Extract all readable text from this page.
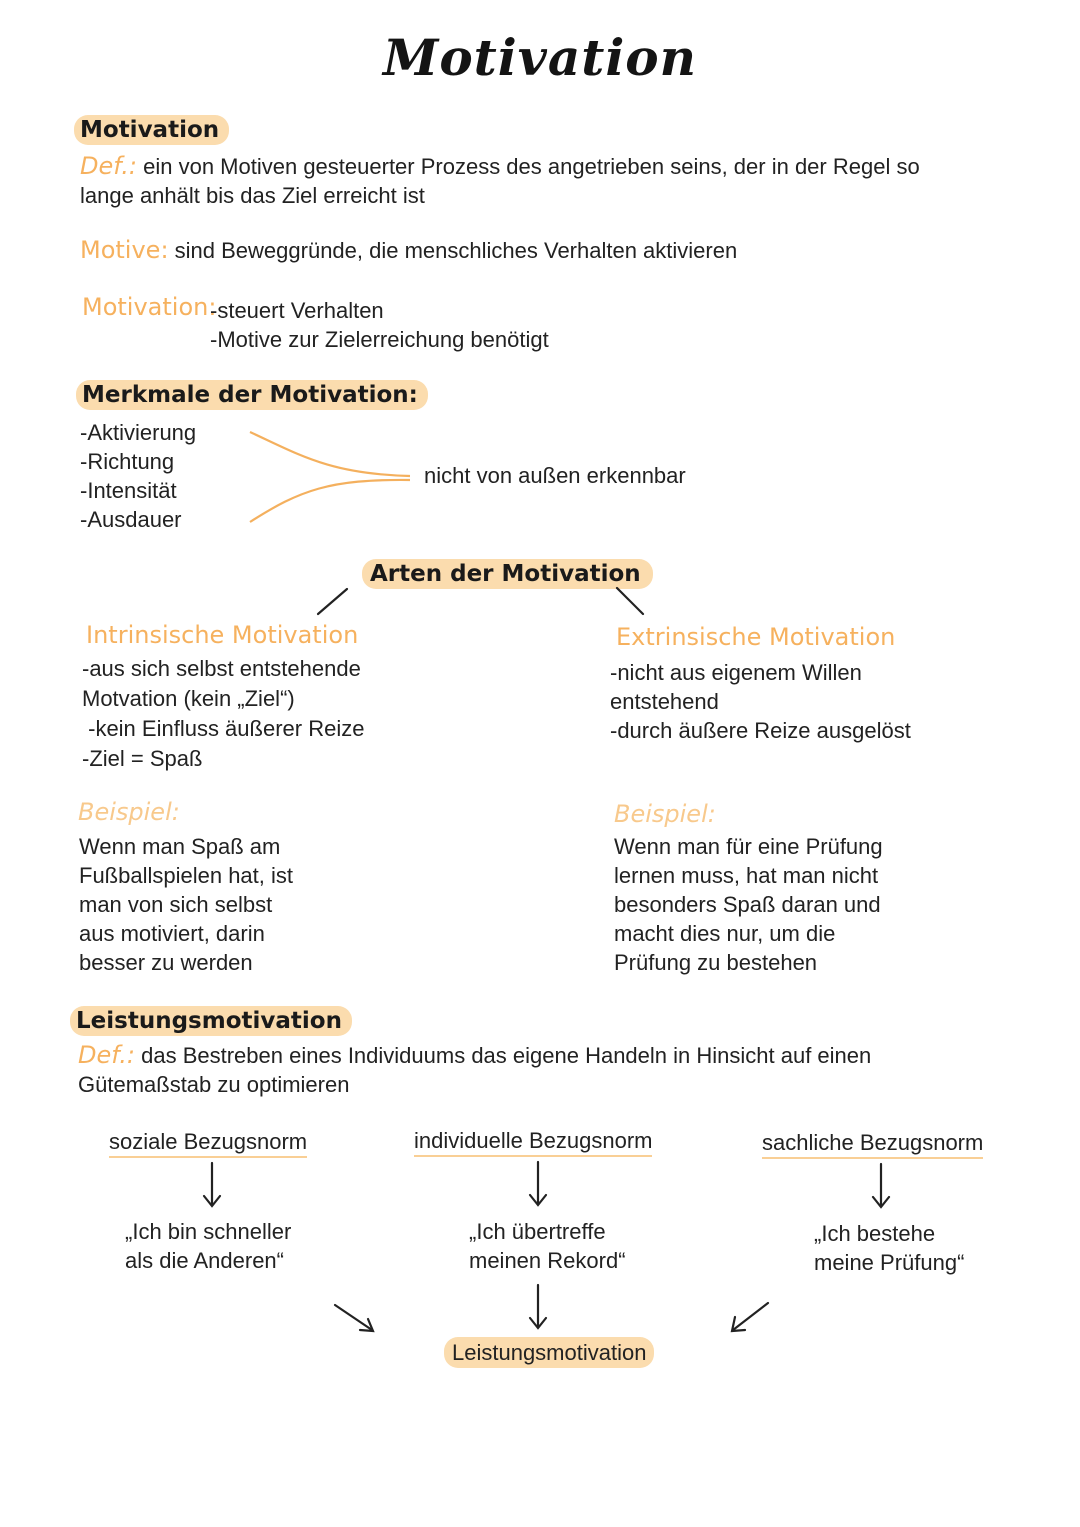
Motivation
Motivation
Def.: ein von Motiven gesteuerter Prozess des angetrieben seins, der in der Regel so
lange anhält bis das Ziel erreicht ist
Motive: sind Beweggründe, die menschliches Verhalten aktivieren
Motivation:
-steuert Verhalten
-Motive zur Zielerreichung benötigt
Merkmale der Motivation:
-Aktivierung
-Richtung
-Intensität
-Ausdauer
nicht von außen erkennbar
Arten der Motivation
Intrinsische Motivation
-aus sich selbst entstehende
Motvation (kein „Ziel“)
-kein Einfluss äußerer Reize
-Ziel = Spaß
Extrinsische Motivation
-nicht aus eigenem Willen
entstehend
-durch äußere Reize ausgelöst
Beispiel:
Wenn man Spaß am
Fußballspielen hat, ist
man von sich selbst
aus motiviert, darin
besser zu werden
Beispiel:
Wenn man für eine Prüfung
lernen muss, hat man nicht
besonders Spaß daran und
macht dies nur, um die
Prüfung zu bestehen
Leistungsmotivation
Def.: das Bestreben eines Individuums das eigene Handeln in Hinsicht auf einen
Gütemaßstab zu optimieren
soziale Bezugsnorm	individuelle Bezugsnorm	sachliche Bezugsnorm
„Ich bin schneller
als die Anderen“
„Ich übertreffe
meinen Rekord“
„Ich bestehe
meine Prüfung“
Leistungsmotivation
